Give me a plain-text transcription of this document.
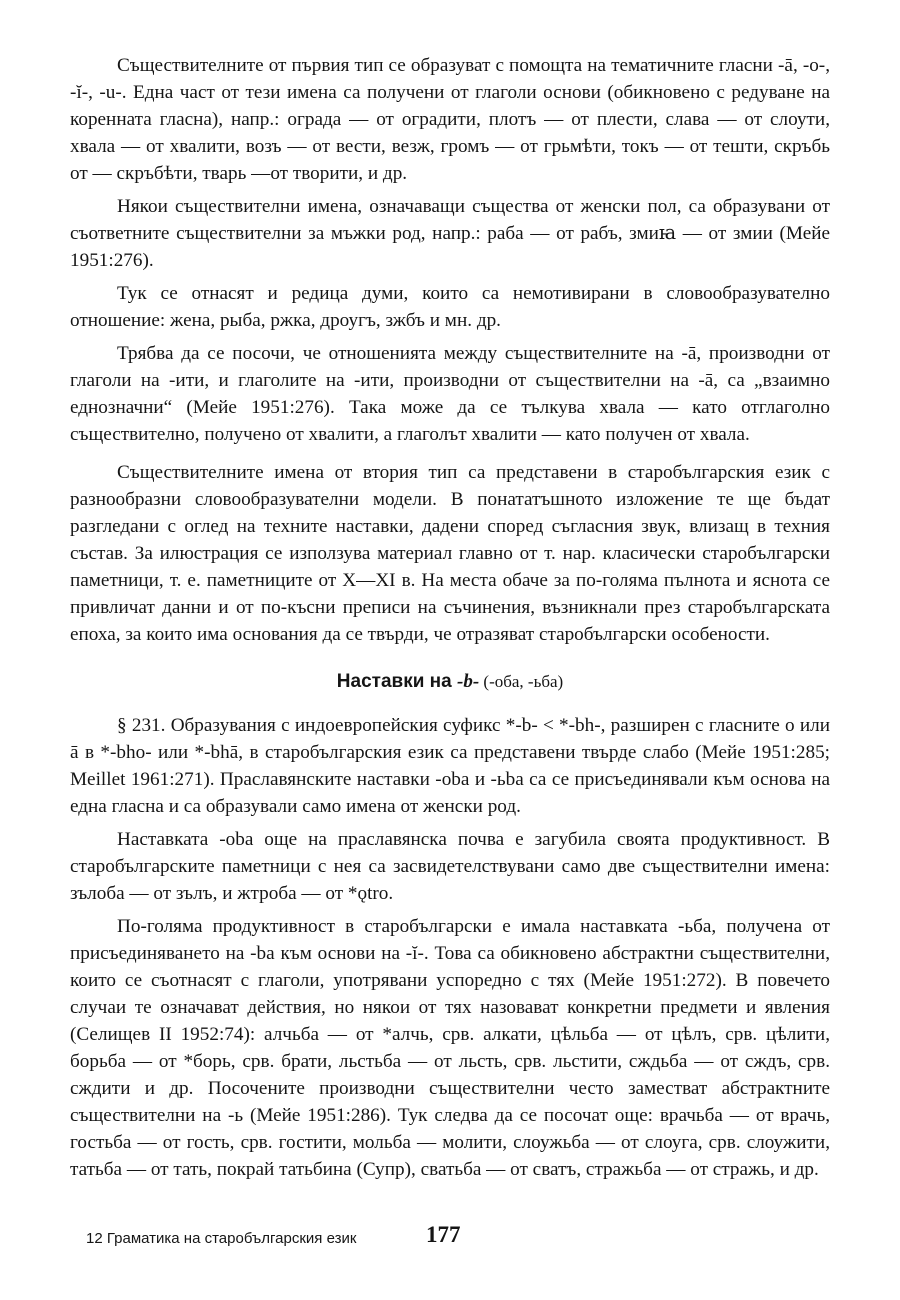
Съществителните от първия тип се образуват с помощта на тематичните гласни -ā, -о-, -ĭ-, -u-. Една част от тези имена са получени от глаголи основи (обикновено с редуване на коренната гласна), напр.: ограда — от оградити, плотъ — от плести, слава — от слоути, хвала — от хвалити, возъ — от вести, везж, громъ — от грьмѣти, токъ — от тешти, скръбь от — скръбѣти, тварь —от творити, и др.

Някои съществителни имена, означаващи същества от женски пол, са образувани от съответните съществителни за мъжки род, напр.: раба — от рабъ, змиꙗ — от змии (Мейе 1951:276).

Тук се отнасят и редица думи, които са немотивирани в словообразувателно отношение: жена, рыба, ржка, дроугъ, зжбъ и мн. др.

Трябва да се посочи, че отношенията между съществителните на -ā, производни от глаголи на -ити, и глаголите на -ити, производни от съществителни на -ā, са „взаимно еднозначни“ (Мейе 1951:276). Така може да се тълкува хвала — като отглаголно съществително, получено от хвалити, а глаголът хвалити — като получен от хвала.

Съществителните имена от втория тип са представени в старобългарския език с разнообразни словообразувателни модели. В понататъшното изложение те ще бъдат разгледани с оглед на техните наставки, дадени според съгласния звук, влизащ в техния състав. За илюстрация се използува материал главно от т. нар. класически старобългарски паметници, т. е. паметниците от X—XI в. На места обаче за по-голяма пълнота и яснота се привличат данни и от по-късни преписи на съчинения, възникнали през старобългарската епоха, за които има основания да се твърди, че отразяват старобългарски особености.

Наставки на -b- (-оба, -ьба)

§ 231. Образувания с индоевропейския суфикс *-b- < *-bh-, разширен с гласните o или ā в *-bho- или *-bhā, в старобългарския език са представени твърде слабо (Мейе 1951:285; Meillet 1961:271). Праславянските наставки -оbа и -ьbа са се присъединявали към основа на една гласна и са образували само имена от женски род.

Наставката -оbа още на праславянска почва е загубила своята продуктивност. В старобългарските паметници с нея са засвидетелствувани само две съществителни имена: зълоба — от зълъ, и жтроба — от *ǫtro.

По-голяма продуктивност в старобългарски е имала наставката -ьба, получена от присъединяването на -bа към основи на -ĭ-. Това са обикновено абстрактни съществителни, които се съотнасят с глаголи, употрявани успоредно с тях (Мейе 1951:272). В повечето случаи те означават действия, но някои от тях назовават конкретни предмети и явления (Селищев II 1952:74): алчьба — от *алчь, срв. алкати, цѣльба — от цѣлъ, срв. цѣлити, борьба — от *борь, срв. брати, льстьба — от льсть, срв. льстити, сждьба — от сждъ, срв. сждити и др. Посочените производни съществителни често заместват абстрактните съществителни на -ь (Мейе 1951:286). Тук следва да се посочат още: врачьба — от врачь, гостьба — от гость, срв. гостити, мольба — молити, слоужьба — от слоуга, срв. слоужити, татьба — от тать, покрай татьбина (Супр), сватьба — от сватъ, стражьба — от стражь, и др.

12 Граматика на старобългарския език	177
